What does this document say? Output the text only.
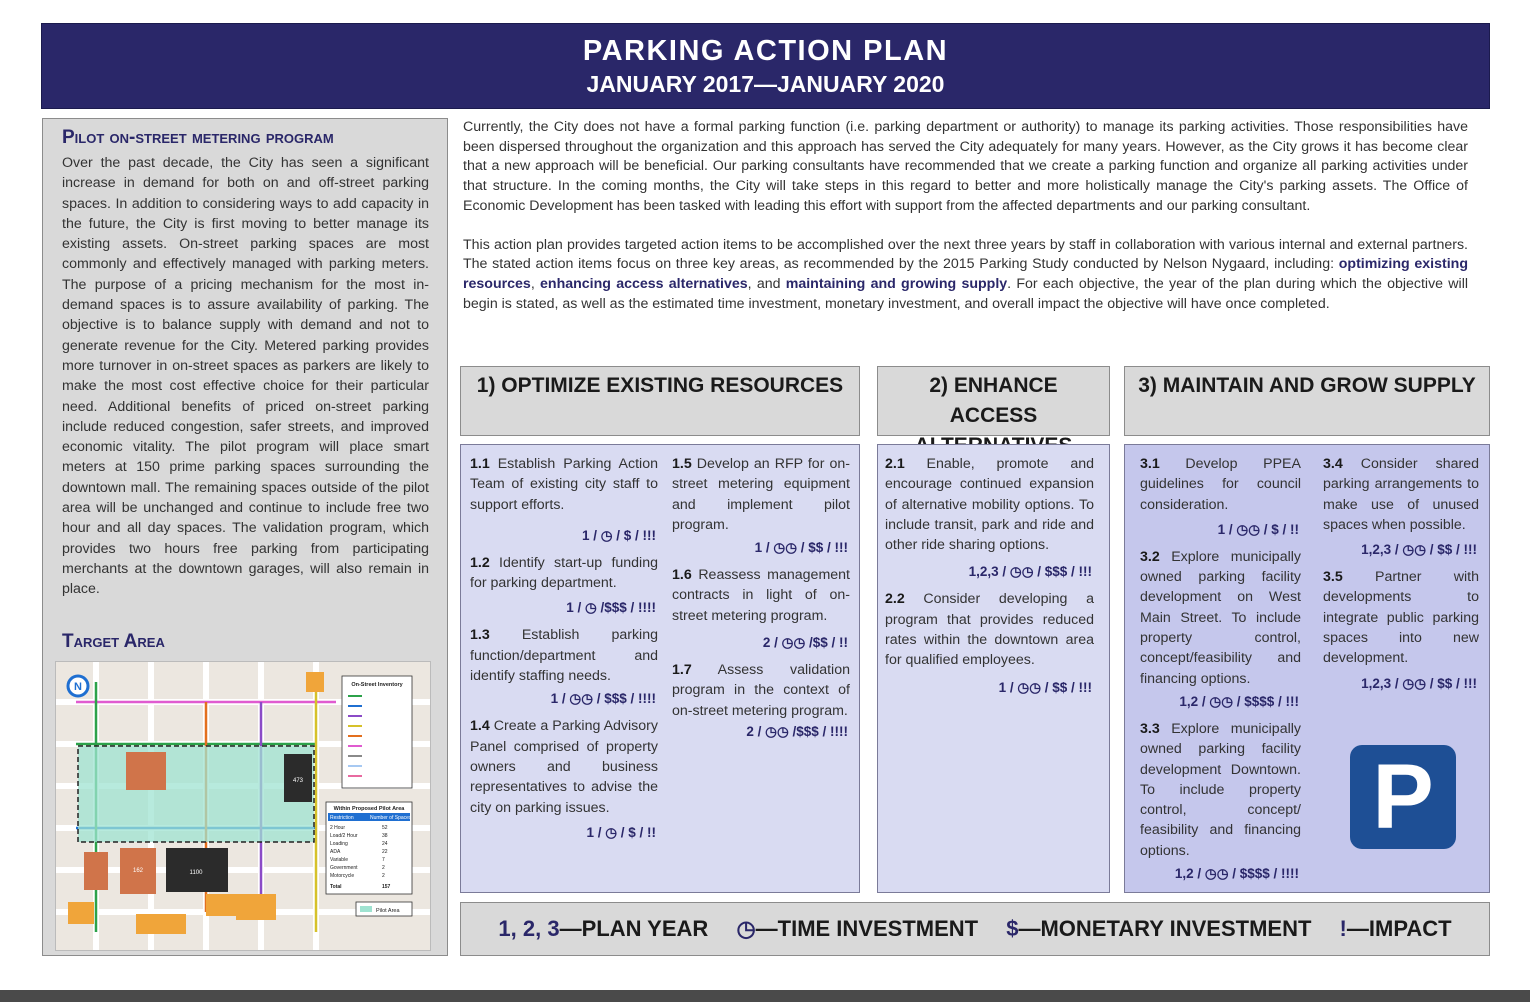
PARKING ACTION PLAN
JANUARY 2017—JANUARY 2020
Pilot on-street metering program

Over the past decade, the City has seen a significant increase in demand for both on and off-street parking spaces. In addition to considering ways to add capacity in the future, the City is first moving to better manage its existing assets. On-street parking spaces are most commonly and effectively managed with parking meters. The purpose of a pricing mechanism for the most in-demand spaces is to assure availability of parking. The objective is to balance supply with demand and not to generate revenue for the City. Metered parking provides more turnover in on-street spaces as parkers are likely to make the most cost effective choice for their particular need. Additional benefits of priced on-street parking include reduced congestion, safer streets, and improved economic vitality. The pilot program will place smart meters at 150 prime parking spaces surrounding the downtown mall. The remaining spaces outside of the pilot area will be unchanged and continue to include free two hour and all day spaces. The validation program, which provides two hours free parking from participating merchants at the downtown garages, will also remain in place.

Target Area
473
1100
162
N	On-Street Inventory
Within Proposed Pilot Area
Restriction	Number of Spaces
2 Hour	52
Load/2 Hour	38
Loading	24
ADA	22
Variable	7
Government	2
Motorcycle	2
Total	157
Pilot Area

Currently, the City does not have a formal parking function (i.e. parking department or authority) to manage its parking activities. Those responsibilities have been dispersed throughout the organization and this approach has served the City adequately for many years. However, as the City grows it has become clear that a new approach will be beneficial. Our parking consultants have recommended that we create a parking function and organize all parking activities under that structure. In the coming months, the City will take steps in this regard to better and more holistically manage the City's parking assets. The Office of Economic Development has been tasked with leading this effort with support from the affected departments and our parking consultant.

This action plan provides targeted action items to be accomplished over the next three years by staff in collaboration with various internal and external partners. The stated action items focus on three key areas, as recommended by the 2015 Parking Study conducted by Nelson Nygaard, including: optimizing existing resources, enhancing access alternatives, and maintaining and growing supply. For each objective, the year of the plan during which the objective will begin is stated, as well as the estimated time investment, monetary investment, and overall impact the objective will have once completed.

1) OPTIMIZE EXISTING RESOURCES	2) ENHANCE ACCESS
3) MAINTAIN AND GROW SUPPLY
1.1 Establish Parking Action Team of existing city staff to support efforts.
1 / ◷ / $ / !!!
1.2 Identify start-up funding for parking department.
1 / ◷ /$$$ / !!!!
1.3 Establish parking function/department and identify staffing needs.
1 / ◷◷ / $$$ / !!!!
1.4 Create a Parking Advisory Panel comprised of property owners and business representatives to advise the city on parking issues.
1 / ◷ / $ / !!
1.5 Develop an RFP for on-street metering equipment and implement pilot program.
1 / ◷◷ / $$ / !!!
1.6 Reassess management contracts in light of on-street metering program.
2 / ◷◷ /$$ / !!
1.7 Assess validation program in the context of on-street metering program.
2 / ◷◷ /$$$ / !!!!
2.1 Enable, promote and encourage continued expansion of alternative mobility options. To include transit, park and ride and other ride sharing options.
1,2,3 / ◷◷ / $$$ / !!!
2.2 Consider developing a program that provides reduced rates within the downtown area for qualified employees.
1 / ◷◷ / $$ / !!!
3.1 Develop PPEA guidelines for council consideration.
1 / ◷◷ / $ / !!
3.2 Explore municipally owned parking facility development on West Main Street. To include property control, concept/feasibility and financing options.
1,2 / ◷◷ / $$$$ / !!!
3.3 Explore municipally owned parking facility development Downtown. To include property control, concept/ feasibility and financing options.
1,2 / ◷◷ / $$$$ / !!!!
3.4 Consider shared parking arrangements to make use of unused spaces when possible.
1,2,3 / ◷◷ / $$ / !!!
3.5 Partner with developments to integrate public parking spaces into new development.
1,2,3 / ◷◷ / $$ / !!!
P
1, 2, 3—PLAN YEAR ◷—TIME INVESTMENT $—MONETARY INVESTMENT !—IMPACT
